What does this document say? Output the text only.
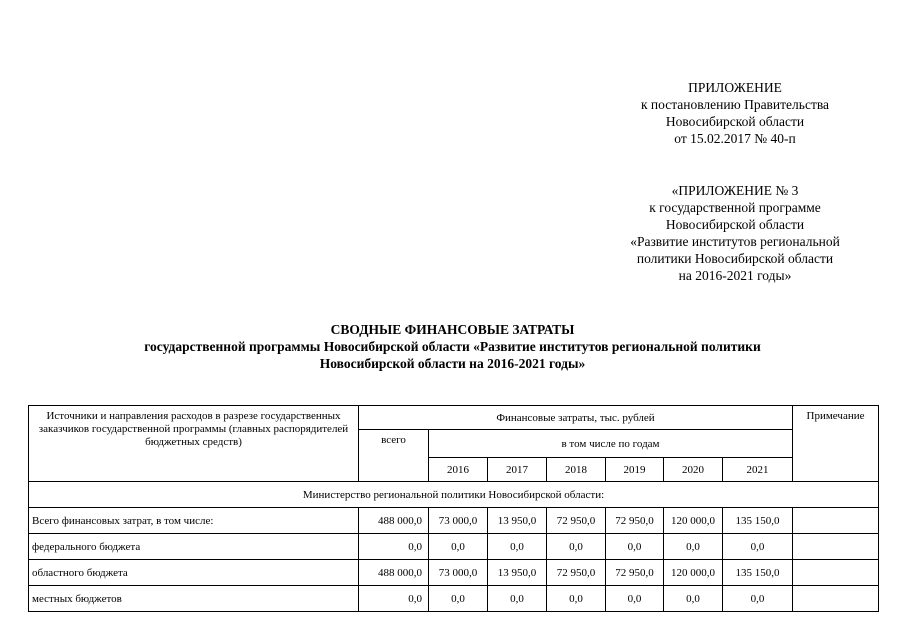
ПРИЛОЖЕНИЕ
к постановлению Правительства
Новосибирской области
от 15.02.2017 № 40-п
«ПРИЛОЖЕНИЕ № 3
к государственной программе
Новосибирской области
«Развитие институтов региональной
политики Новосибирской области
на 2016-2021 годы»
СВОДНЫЕ ФИНАНСОВЫЕ ЗАТРАТЫ
государственной программы Новосибирской области «Развитие институтов региональной политики
Новосибирской области на 2016-2021 годы»
Источники и направления расходов в разрезе государственных заказчиков государственной программы (главных распорядителей бюджетных средств)	Финансовые затраты, тыс. рублей							Примечание
	всего	в том числе по годам						
		2016	2017	2018	2019	2020	2021	
Министерство региональной политики Новосибирской области:								
Всего финансовых затрат, в том числе:	488 000,0	73 000,0	13 950,0	72 950,0	72 950,0	120 000,0	135 150,0	
федерального бюджета	0,0	0,0	0,0	0,0	0,0	0,0	0,0	
областного бюджета	488 000,0	73 000,0	13 950,0	72 950,0	72 950,0	120 000,0	135 150,0	
местных бюджетов	0,0	0,0	0,0	0,0	0,0	0,0	0,0	
